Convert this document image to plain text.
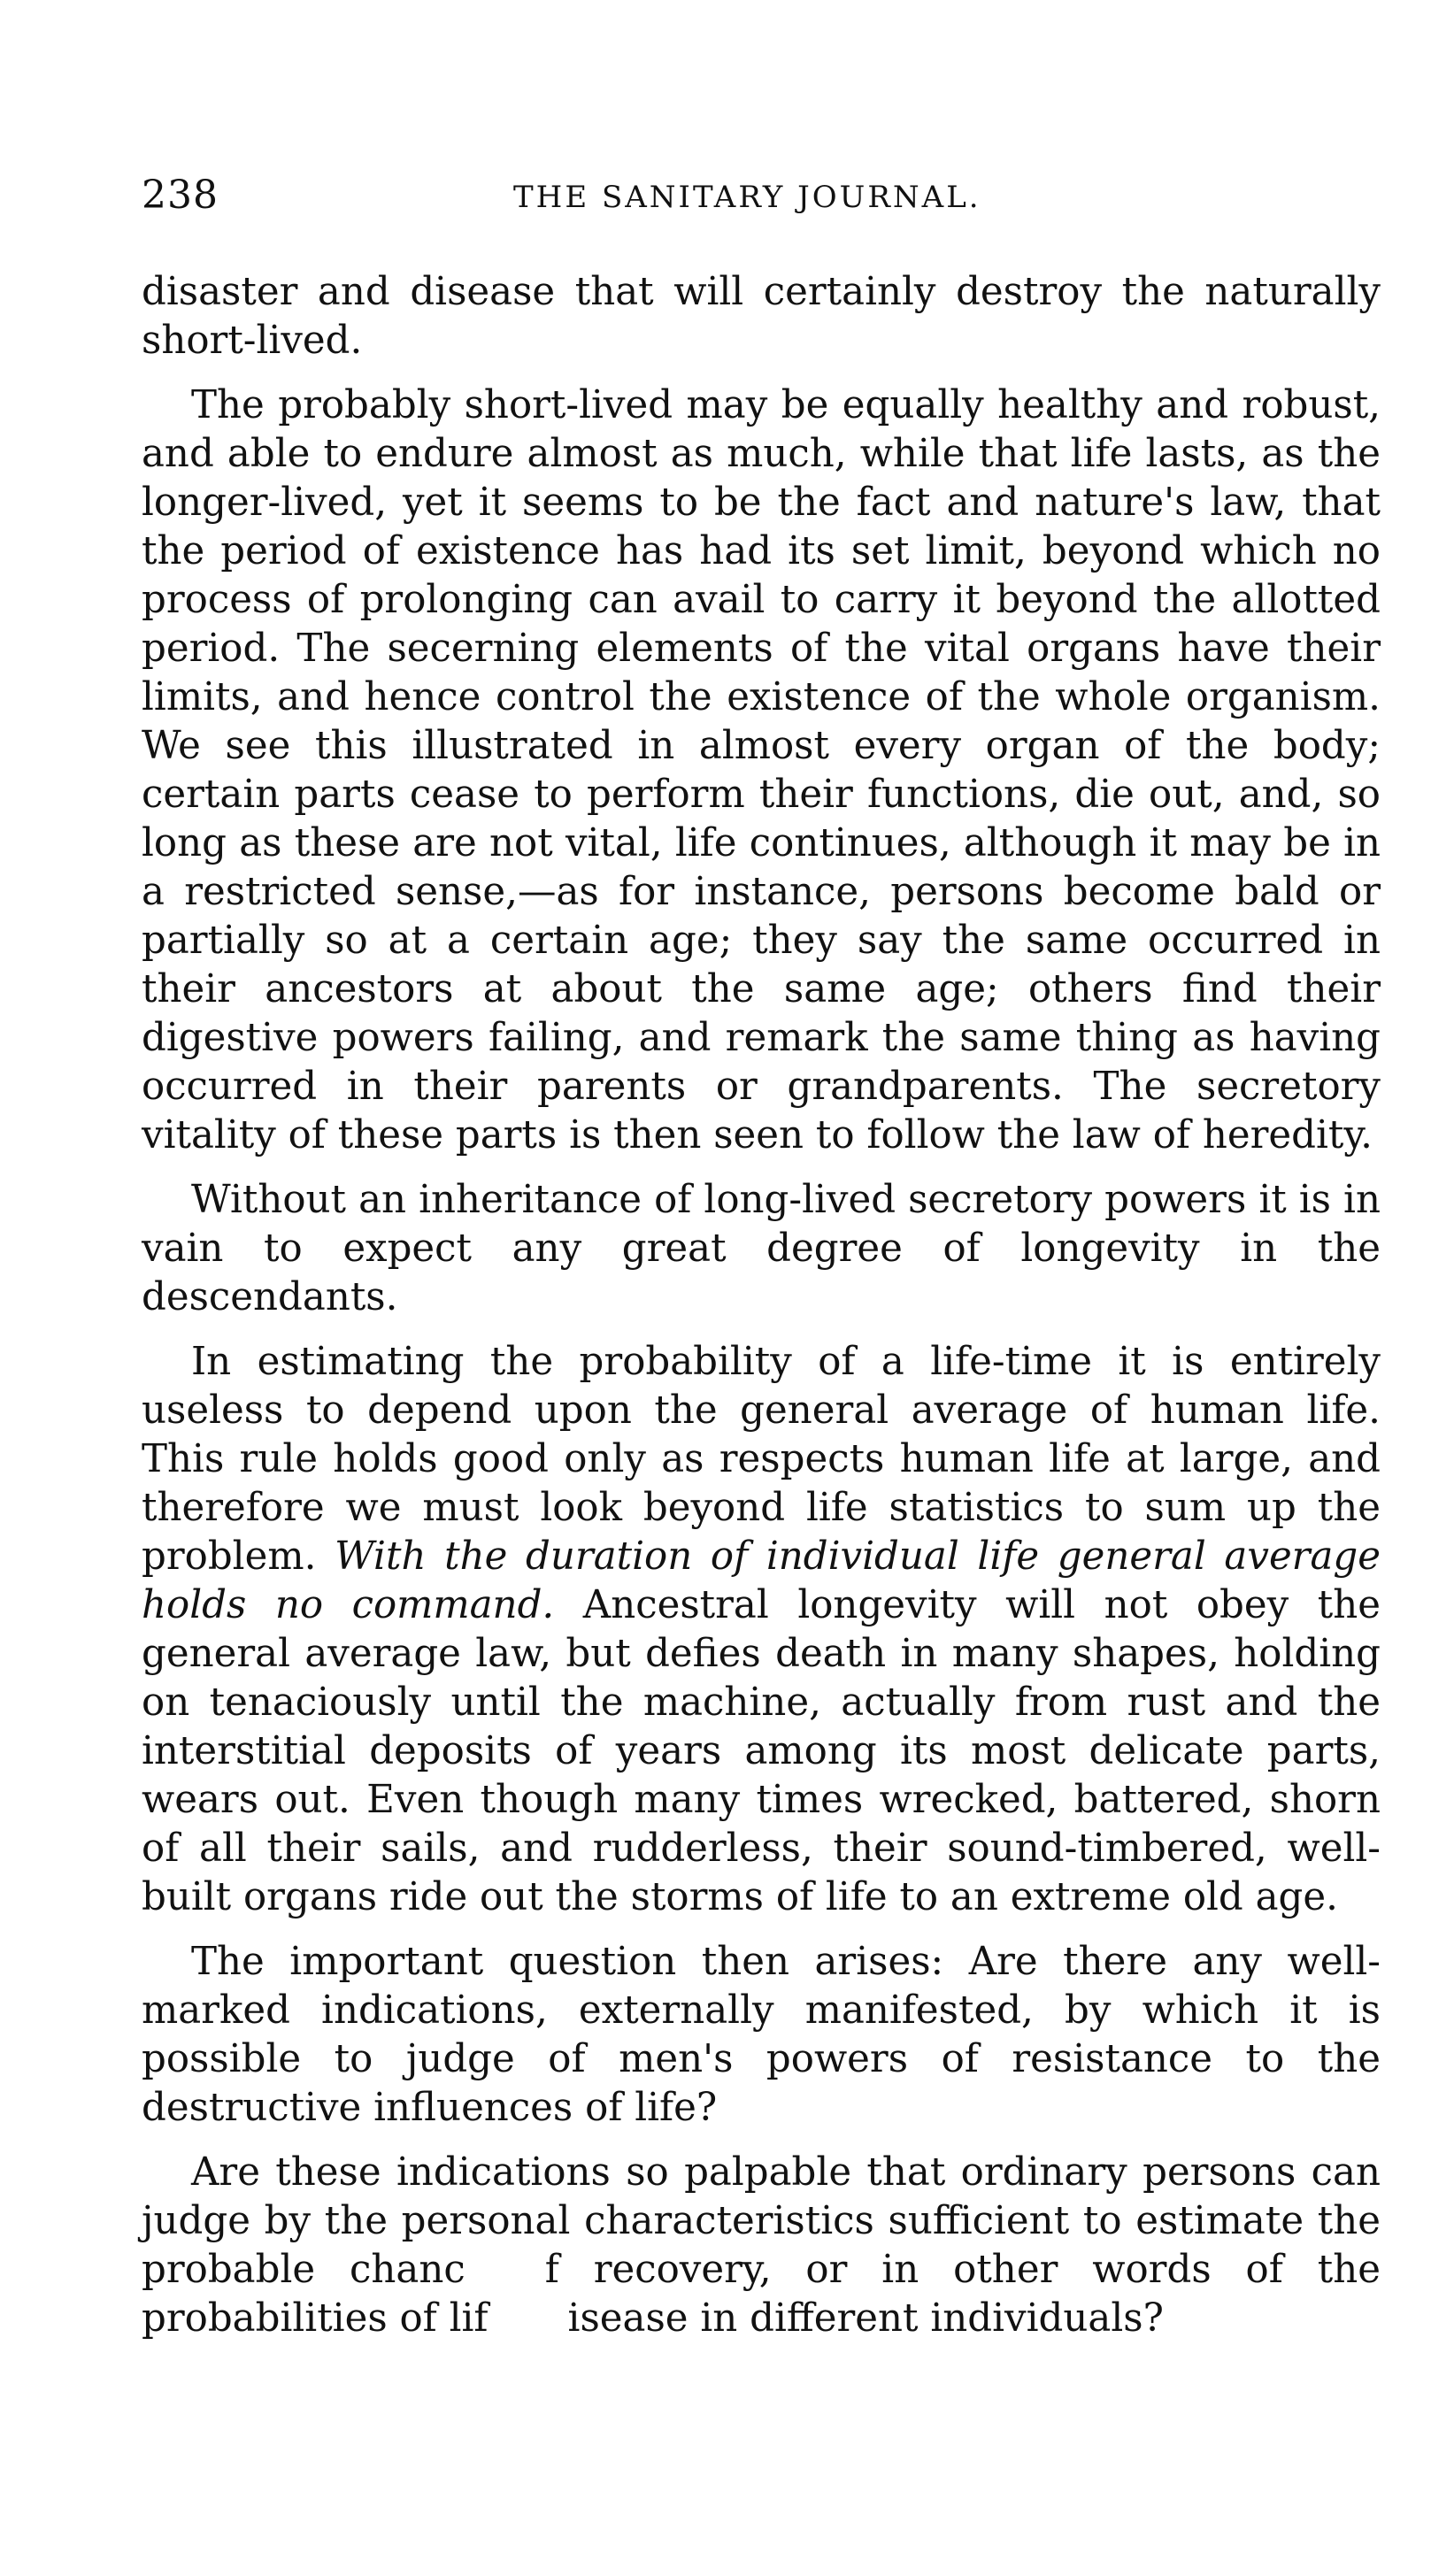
238	THE SANITARY JOURNAL.

disaster and disease that will certainly destroy the naturally short-lived.

The probably short-lived may be equally healthy and robust, and able to endure almost as much, while that life lasts, as the longer-lived, yet it seems to be the fact and nature's law, that the period of existence has had its set limit, beyond which no process of prolonging can avail to carry it beyond the allotted period. The secerning elements of the vital organs have their limits, and hence control the existence of the whole organism. We see this illustrated in almost every organ of the body; certain parts cease to perform their functions, die out, and, so long as these are not vital, life continues, although it may be in a restricted sense,—as for instance, persons become bald or partially so at a certain age; they say the same occurred in their ancestors at about the same age; others find their digestive powers failing, and remark the same thing as having occurred in their parents or grandparents. The secretory vitality of these parts is then seen to follow the law of heredity.

Without an inheritance of long-lived secretory powers it is in vain to expect any great degree of longevity in the descendants.

In estimating the probability of a life-time it is entirely useless to depend upon the general average of human life. This rule holds good only as respects human life at large, and therefore we must look beyond life statistics to sum up the problem. With the duration of individual life general average holds no command. Ancestral longevity will not obey the general average law, but defies death in many shapes, holding on tenaciously until the machine, actually from rust and the interstitial deposits of years among its most delicate parts, wears out. Even though many times wrecked, battered, shorn of all their sails, and rudderless, their sound-timbered, well-built organs ride out the storms of life to an extreme old age.

The important question then arises: Are there any well-marked indications, externally manifested, by which it is possible to judge of men's powers of resistance to the destructive influences of life?

Are these indications so palpable that ordinary persons can judge by the personal characteristics sufficient to estimate the probable chanc f recovery, or in other words of the probabilities of lif isease in different individuals?
